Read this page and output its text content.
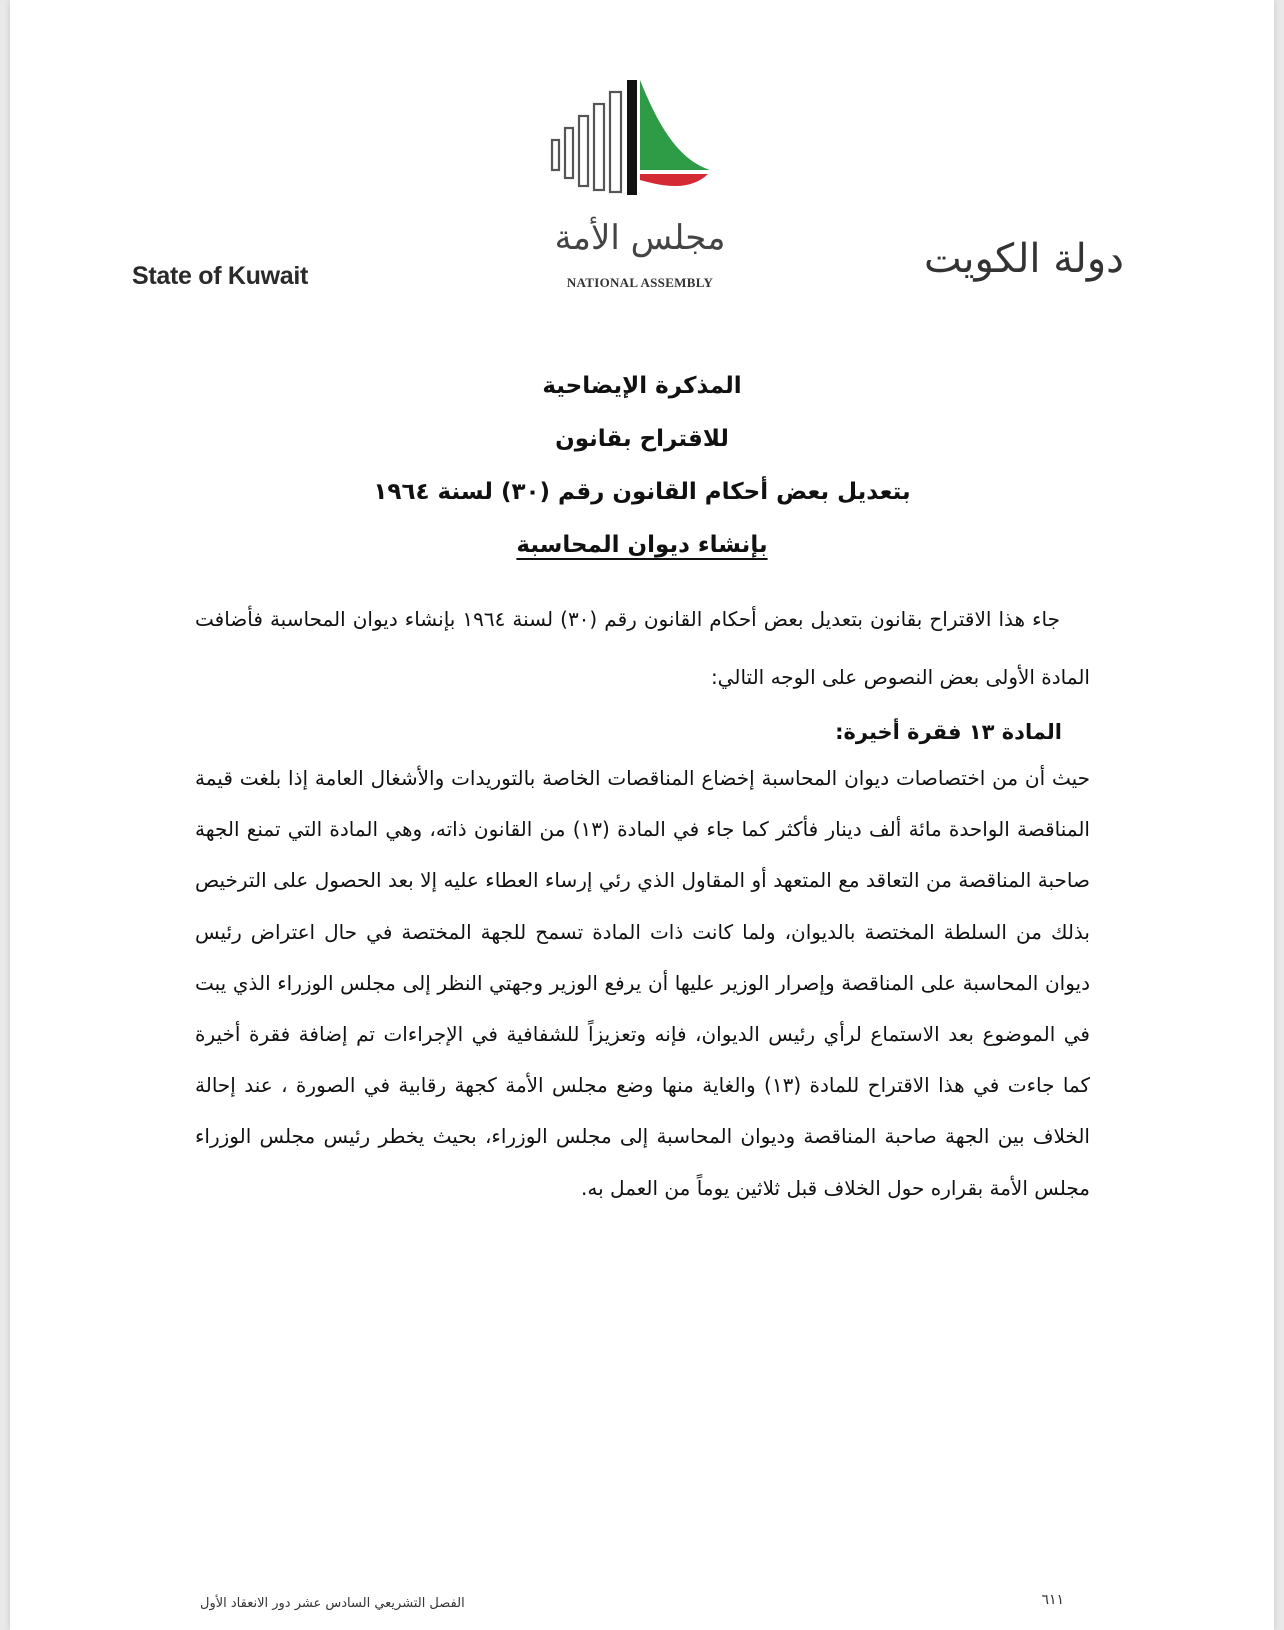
State of Kuwait
مجلس الأمة
NATIONAL ASSEMBLY
دولة الكويت
المذكرة الإيضاحية
للاقتراح بقانون
بتعديل بعض أحكام القانون رقم (٣٠) لسنة ١٩٦٤
بإنشاء ديوان المحاسبة

جاء هذا الاقتراح بقانون بتعديل بعض أحكام القانون رقم (٣٠) لسنة ١٩٦٤ بإنشاء ديوان المحاسبة فأضافت المادة الأولى بعض النصوص على الوجه التالي:

المادة ١٣ فقرة أخيرة:

حيث أن من اختصاصات ديوان المحاسبة إخضاع المناقصات الخاصة بالتوريدات والأشغال العامة إذا بلغت قيمة المناقصة الواحدة مائة ألف دينار فأكثر كما جاء في المادة (١٣) من القانون ذاته، وهي المادة التي تمنع الجهة صاحبة المناقصة من التعاقد مع المتعهد أو المقاول الذي رئي إرساء العطاء عليه إلا بعد الحصول على الترخيص بذلك من السلطة المختصة بالديوان، ولما كانت ذات المادة تسمح للجهة المختصة في حال اعتراض رئيس ديوان المحاسبة على المناقصة وإصرار الوزير عليها أن يرفع الوزير وجهتي النظر إلى مجلس الوزراء الذي يبت في الموضوع بعد الاستماع لرأي رئيس الديوان، فإنه وتعزيزاً للشفافية في الإجراءات تم إضافة فقرة أخيرة كما جاءت في هذا الاقتراح للمادة (١٣) والغاية منها وضع مجلس الأمة كجهة رقابية في الصورة ، عند إحالة الخلاف بين الجهة صاحبة المناقصة وديوان المحاسبة إلى مجلس الوزراء، بحيث يخطر رئيس مجلس الوزراء مجلس الأمة بقراره حول الخلاف قبل ثلاثين يوماً من العمل به.

الفصل التشريعي السادس عشر دور الانعقاد الأول	٦١١
